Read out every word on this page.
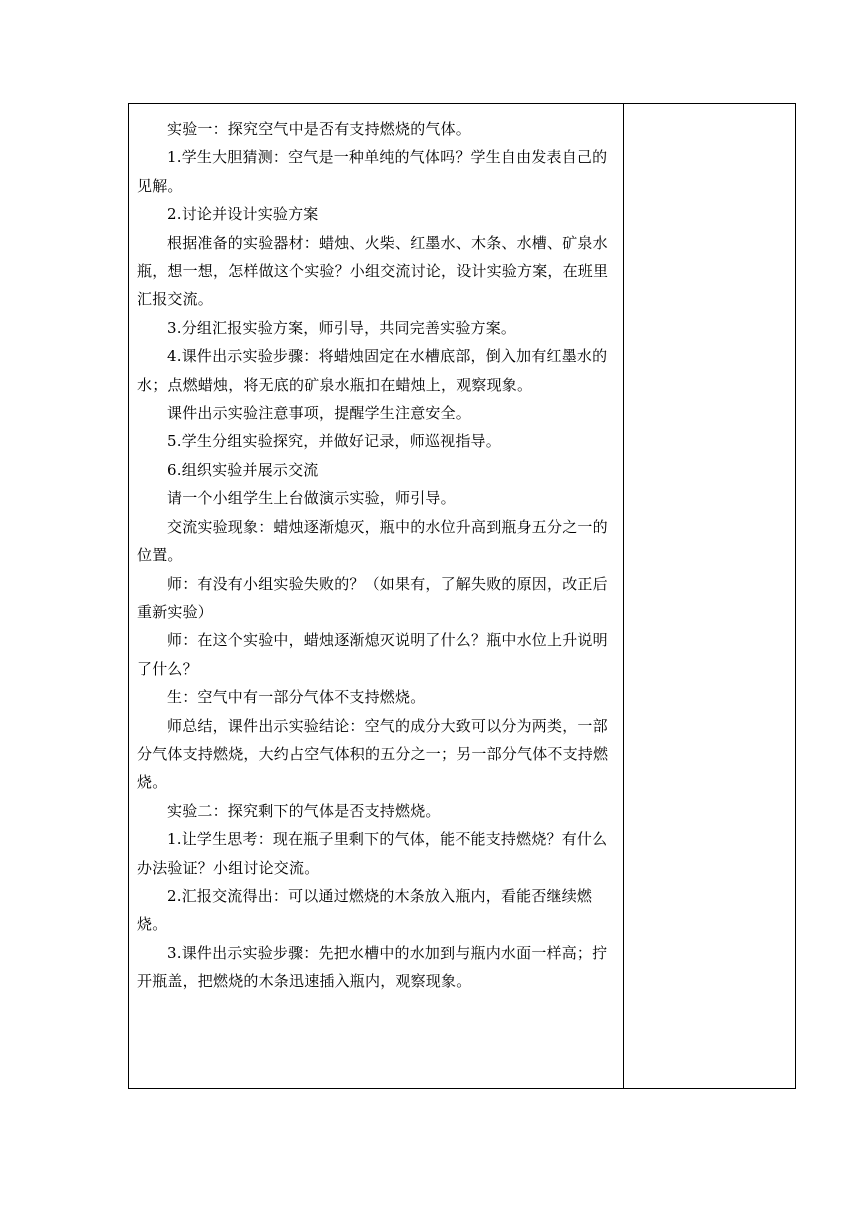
实验一：探究空气中是否有支持燃烧的气体。

1.学生大胆猜测：空气是一种单纯的气体吗？学生自由发表自己的见解。

2.讨论并设计实验方案

根据准备的实验器材：蜡烛、火柴、红墨水、木条、水槽、矿泉水瓶，想一想，怎样做这个实验？小组交流讨论，设计实验方案，在班里汇报交流。

3.分组汇报实验方案，师引导，共同完善实验方案。

4.课件出示实验步骤：将蜡烛固定在水槽底部，倒入加有红墨水的水；点燃蜡烛，将无底的矿泉水瓶扣在蜡烛上，观察现象。

课件出示实验注意事项，提醒学生注意安全。

5.学生分组实验探究，并做好记录，师巡视指导。

6.组织实验并展示交流

请一个小组学生上台做演示实验，师引导。

交流实验现象：蜡烛逐渐熄灭，瓶中的水位升高到瓶身五分之一的位置。

师：有没有小组实验失败的？（如果有，了解失败的原因，改正后重新实验）

师：在这个实验中，蜡烛逐渐熄灭说明了什么？瓶中水位上升说明了什么？

生：空气中有一部分气体不支持燃烧。

师总结，课件出示实验结论：空气的成分大致可以分为两类，一部分气体支持燃烧，大约占空气体积的五分之一；另一部分气体不支持燃烧。

实验二：探究剩下的气体是否支持燃烧。

1.让学生思考：现在瓶子里剩下的气体，能不能支持燃烧？有什么办法验证？小组讨论交流。

2.汇报交流得出：可以通过燃烧的木条放入瓶内，看能否继续燃烧。

3.课件出示实验步骤：先把水槽中的水加到与瓶内水面一样高；拧开瓶盖，把燃烧的木条迅速插入瓶内，观察现象。
